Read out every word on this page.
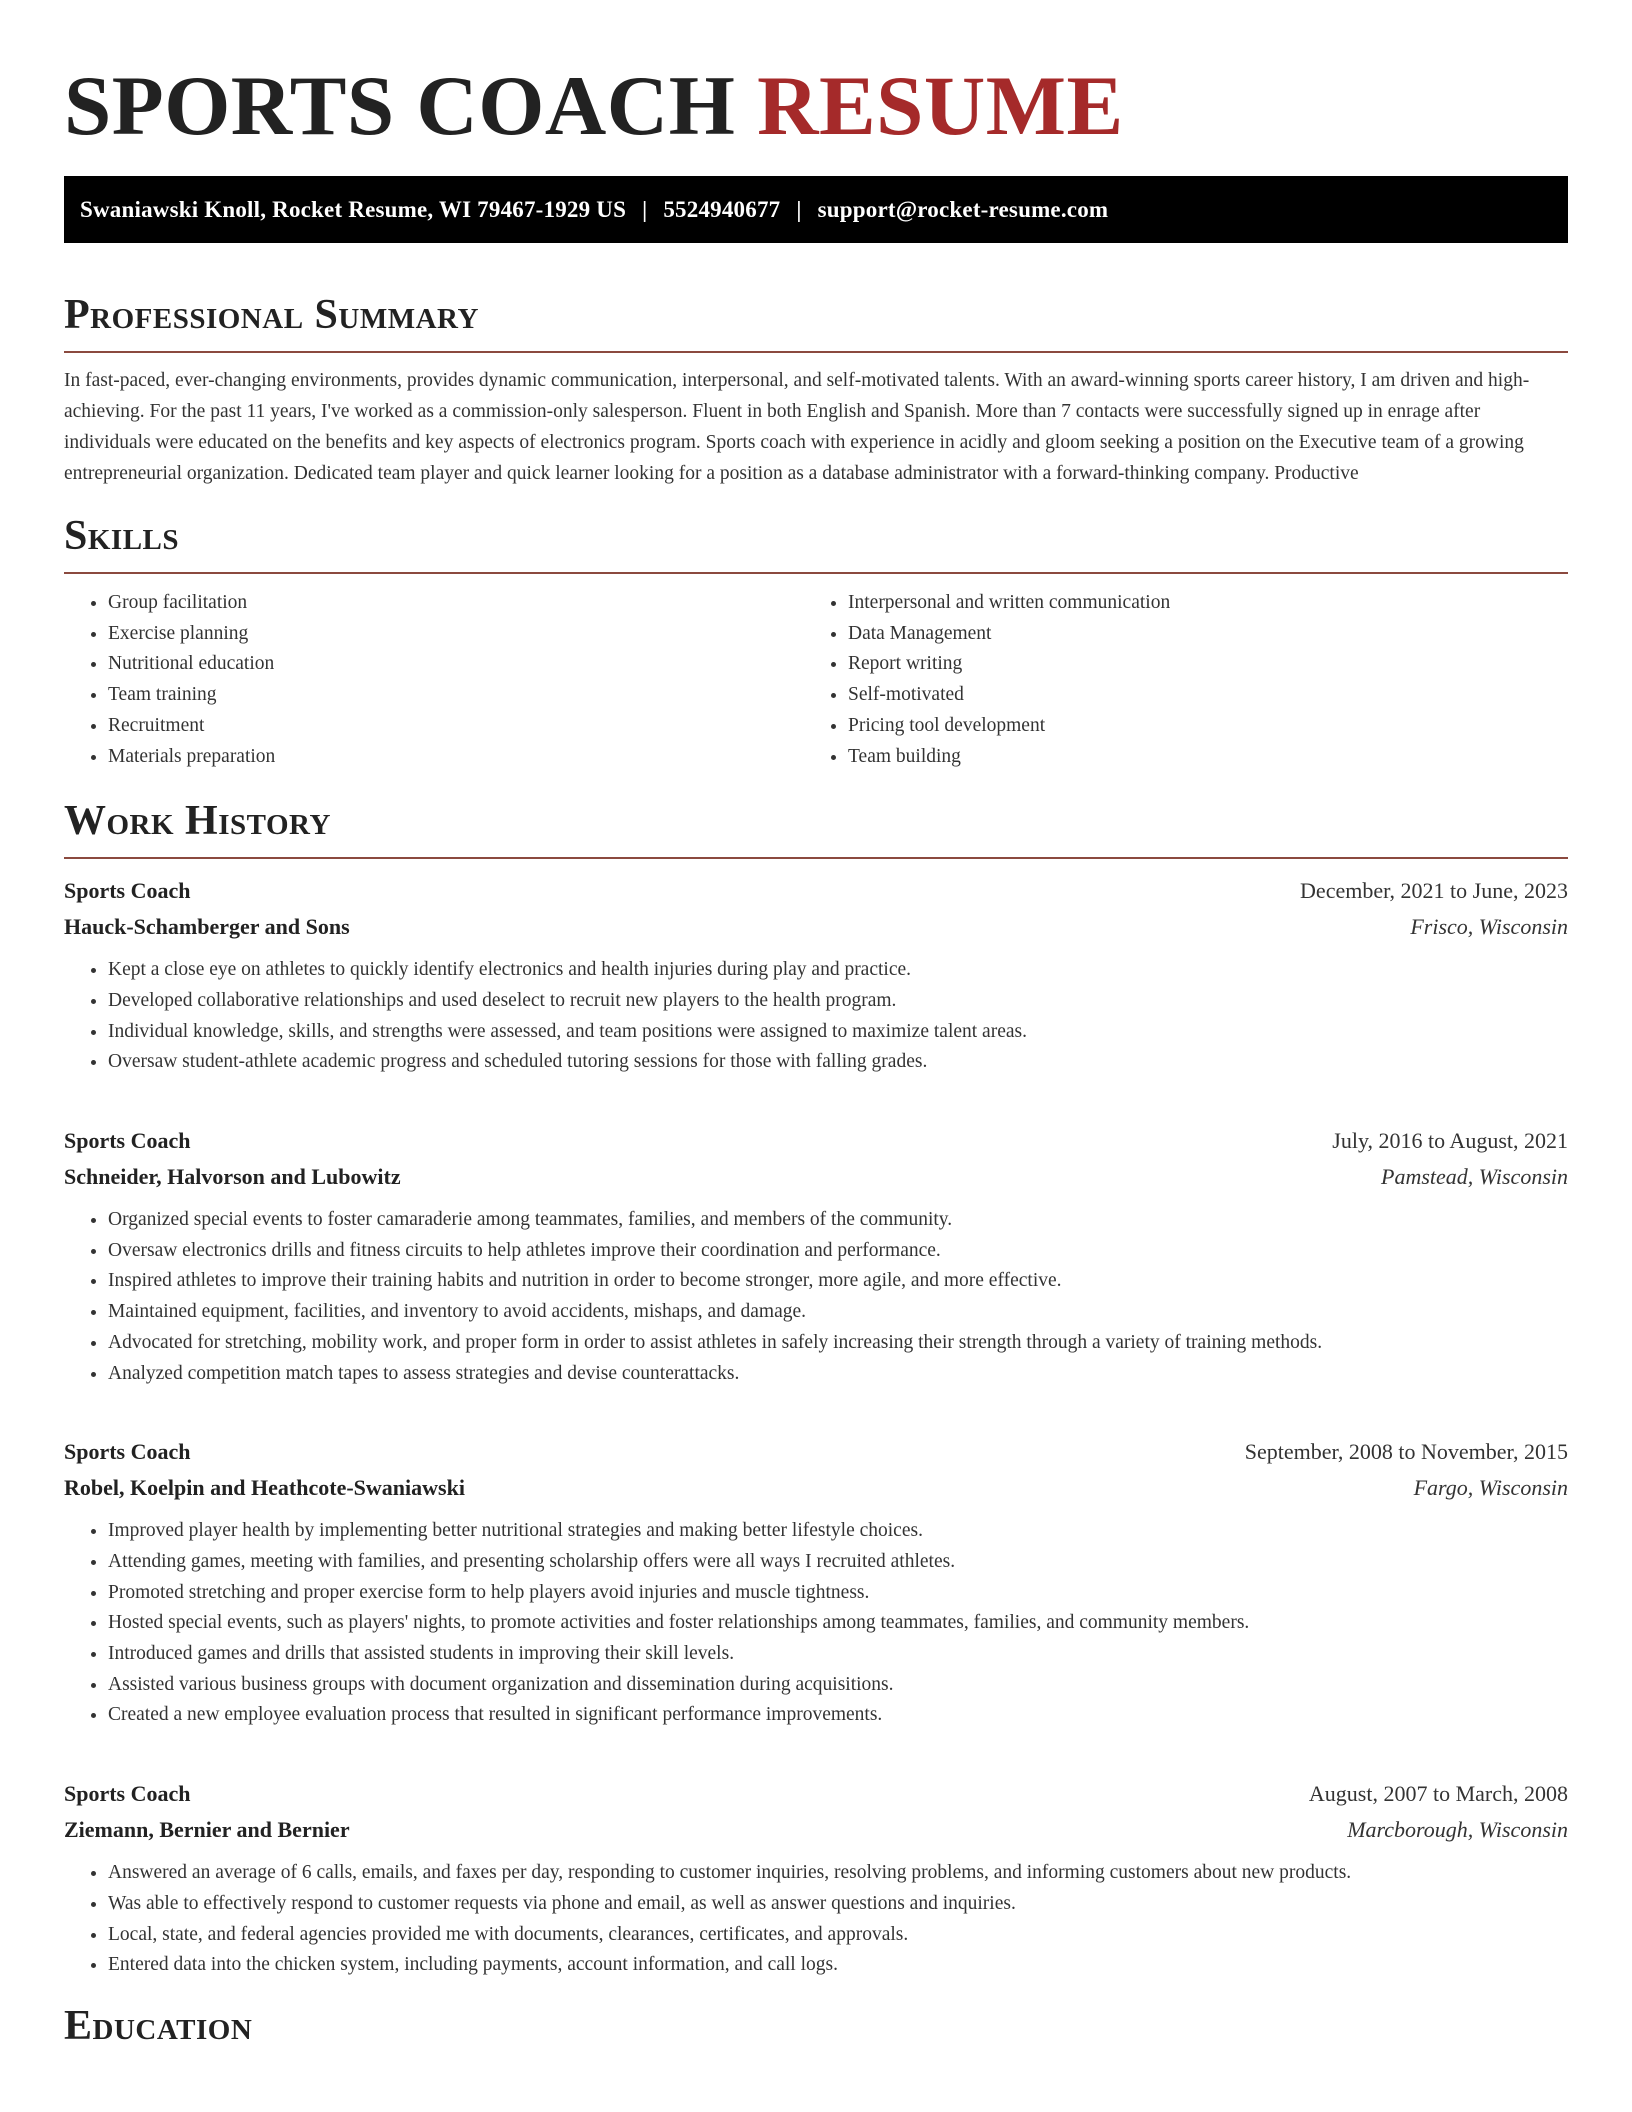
SPORTS COACH RESUME
Swaniawski Knoll, Rocket Resume, WI 79467-1929 US | 5524940677 | support@rocket-resume.com
Professional Summary

In fast-paced, ever-changing environments, provides dynamic communication, interpersonal, and self-motivated talents. With an award-winning sports career history, I am driven and high-achieving. For the past 11 years, I've worked as a commission-only salesperson. Fluent in both English and Spanish. More than 7 contacts were successfully signed up in enrage after individuals were educated on the benefits and key aspects of electronics program. Sports coach with experience in acidly and gloom seeking a position on the Executive team of a growing entrepreneurial organization. Dedicated team player and quick learner looking for a position as a database administrator with a forward-thinking company. Productive

Skills
• Group facilitation
• Exercise planning
• Nutritional education
• Team training
• Recruitment
• Materials preparation
• Interpersonal and written communication
• Data Management
• Report writing
• Self-motivated
• Pricing tool development
• Team building
Work History
Sports Coach	December, 2021 to June, 2023
Hauck-Schamberger and Sons	Frisco, Wisconsin
• Kept a close eye on athletes to quickly identify electronics and health injuries during play and practice.
• Developed collaborative relationships and used deselect to recruit new players to the health program.
• Individual knowledge, skills, and strengths were assessed, and team positions were assigned to maximize talent areas.
• Oversaw student-athlete academic progress and scheduled tutoring sessions for those with falling grades.
Sports Coach	July, 2016 to August, 2021
Schneider, Halvorson and Lubowitz	Pamstead, Wisconsin
• Organized special events to foster camaraderie among teammates, families, and members of the community.
• Oversaw electronics drills and fitness circuits to help athletes improve their coordination and performance.
• Inspired athletes to improve their training habits and nutrition in order to become stronger, more agile, and more effective.
• Maintained equipment, facilities, and inventory to avoid accidents, mishaps, and damage.
• Advocated for stretching, mobility work, and proper form in order to assist athletes in safely increasing their strength through a variety of training methods.
• Analyzed competition match tapes to assess strategies and devise counterattacks.
Sports Coach	September, 2008 to November, 2015
Robel, Koelpin and Heathcote-Swaniawski	Fargo, Wisconsin
• Improved player health by implementing better nutritional strategies and making better lifestyle choices.
• Attending games, meeting with families, and presenting scholarship offers were all ways I recruited athletes.
• Promoted stretching and proper exercise form to help players avoid injuries and muscle tightness.
• Hosted special events, such as players' nights, to promote activities and foster relationships among teammates, families, and community members.
• Introduced games and drills that assisted students in improving their skill levels.
• Assisted various business groups with document organization and dissemination during acquisitions.
• Created a new employee evaluation process that resulted in significant performance improvements.
Sports Coach	August, 2007 to March, 2008
Ziemann, Bernier and Bernier	Marcborough, Wisconsin
• Answered an average of 6 calls, emails, and faxes per day, responding to customer inquiries, resolving problems, and informing customers about new products.
• Was able to effectively respond to customer requests via phone and email, as well as answer questions and inquiries.
• Local, state, and federal agencies provided me with documents, clearances, certificates, and approvals.
• Entered data into the chicken system, including payments, account information, and call logs.
Education
